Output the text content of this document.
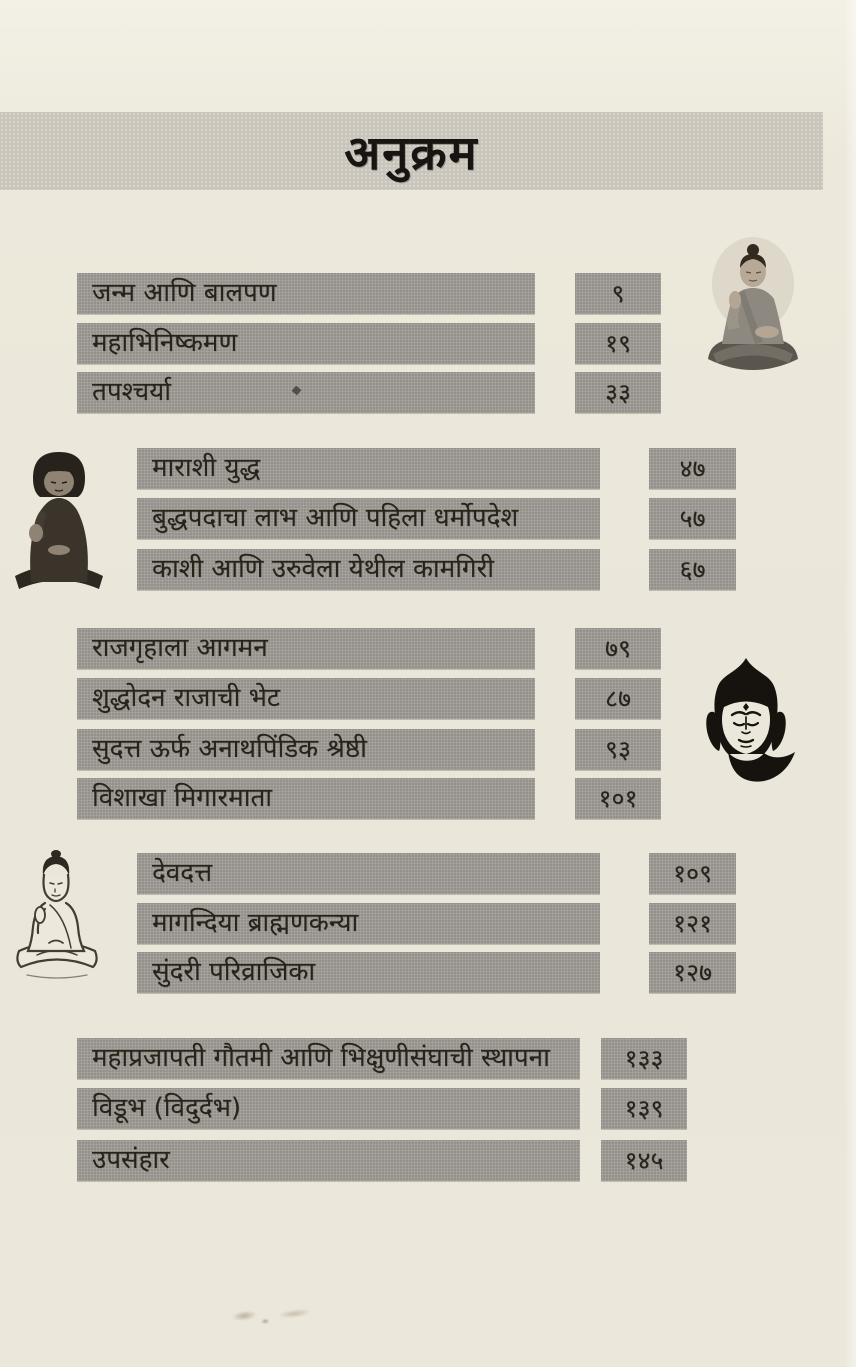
अनुक्रम
जन्म आणि बालपण	९
महाभिनिष्कमण	१९
तपश्चर्या	३३
माराशी युद्ध	४७
बुद्धपदाचा लाभ आणि पहिला धर्मोपदेश	५७
काशी आणि उरुवेला येथील कामगिरी	६७
राजगृहाला आगमन	७९
शुद्धोदन राजाची भेट	८७
सुदत्त ऊर्फ अनाथपिंडिक श्रेष्ठी	९३
विशाखा मिगारमाता	१०१
देवदत्त	१०९
मागन्दिया ब्राह्मणकन्या	१२१
सुंदरी परिव्राजिका	१२७
महाप्रजापती गौतमी आणि भिक्षुणीसंघाची स्थापना	१३३
विडूभ (विदुर्दभ)	१३९
उपसंहार	१४५
